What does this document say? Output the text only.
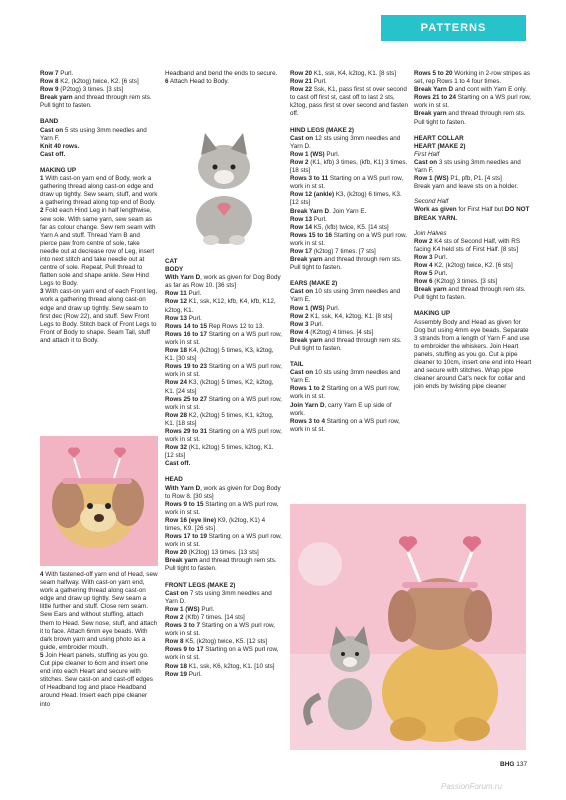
PATTERNS

Row 7 Purl.

Row 8 K2, (k2tog) twice, K2. [6 sts]

Row 9 (P2tog) 3 times. [3 sts]

Break yarn and thread through rem sts. Pull tight to fasten.

BAND

Cast on 5 sts using 3mm needles and Yarn F.

Knit 40 rows.

Cast off.

MAKING UP

1 With cast-on yarn end of Body, work a gathering thread along cast-on edge and draw up tightly. Sew seam, stuff, and work a gathering thread along top end of Body.

2 Fold each Hind Leg in half lengthwise, sew sole. With same yarn, sew seam as far as colour change. Sew rem seam with Yarn A and stuff. Thread Yarn B and pierce paw from centre of sole, take needle out at decrease row of Leg, insert into next stitch and take needle out at centre of sole. Repeat. Pull thread to flatten sole and shape ankle. Sew Hind Legs to Body.

3 With cast-on yarn end of each Front leg, work a gathering thread along cast-on edge and draw up tightly. Sew seam to first dec (Row 22), and stuff. Sew Front Legs to Body. Stitch back of Front Legs to Front of Body to shape. Seam Tail, stuff and attach it to Body.

4 With fastened-off yarn end of Head, sew seam halfway. With cast-on yarn end, work a gathering thread along cast-on edge and draw up tightly. Sew seam a little further and stuff. Close rem seam. Sew Ears and without stuffing, attach them to Head. Sew nose, stuff, and attach it to face. Attach 6mm eye beads. With dark brown yarn and using photo as a guide, embroider mouth.

5 Join Heart panels, stuffing as you go. Cut pipe cleaner to 6cm and insert one end into each Heart and secure with stitches. Sew cast-on and cast-off edges of Headband tog and place Headband around Head. Insert each pipe cleaner into

Headband and bend the ends to secure.

6 Attach Head to Body.

CAT

BODY

With Yarn D, work as given for Dog Body as far as Row 10. [36 sts]

Row 11 Purl.

Row 12 K1, ssk, K12, kfb, K4, kfb, K12, k2tog, K1.

Row 13 Purl.

Rows 14 to 15 Rep Rows 12 to 13.

Rows 16 to 17 Starting on a WS purl row, work in st st.

Row 18 K4, (k2tog) 5 times, K3, k2tog, K1. [30 sts]

Rows 19 to 23 Starting on a WS purl row, work in st st.

Row 24 K3, (k2tog) 5 times, K2, k2tog, K1. [24 sts]

Rows 25 to 27 Starting on a WS purl row, work in st st.

Row 28 K2, (k2tog) 5 times, K1, k2tog, K1. [18 sts]

Rows 29 to 31 Starting on a WS purl row, work in st st.

Row 32 (K1, k2tog) 5 times, k2tog, K1. [12 sts]

Cast off.

HEAD

With Yarn D, work as given for Dog Body to Row 8. [30 sts]

Rows 9 to 15 Starting on a WS purl row, work in st st.

Row 16 (eye line) K9, (k2tog, K1) 4 times, K9. [26 sts]

Rows 17 to 19 Starting on a WS purl row, work in st st.

Row 20 (K2tog) 13 times. [13 sts]

Break yarn and thread through rem sts. Pull tight to fasten.

FRONT LEGS (MAKE 2)

Cast on 7 sts using 3mm needles and Yarn D.

Row 1 (WS) Purl.

Row 2 (Kfb) 7 times. [14 sts]

Rows 3 to 7 Starting on a WS purl row, work in st st.

Row 8 K5, (k2tog) twice, K5. [12 sts]

Rows 9 to 17 Starting on a WS purl row, work in st st.

Row 18 K1, ssk, K6, k2tog, K1. [10 sts]

Row 19 Purl.

Row 20 K1, ssk, K4, k2tog, K1. [8 sts]

Row 21 Purl.

Row 22 Ssk, K1, pass first st over second to cast off first st, cast off to last 2 sts, k2tog, pass first st over second and fasten off.

HIND LEGS (MAKE 2)

Cast on 12 sts using 3mm needles and Yarn D.

Row 1 (WS) Purl.

Row 2 (K1, kfb) 3 times, (kfb, K1) 3 times. [18 sts]

Rows 3 to 11 Starting on a WS purl row, work in st st.

Row 12 (ankle) K3, (k2tog) 6 times, K3. [12 sts]

Break Yarn D. Join Yarn E.

Row 13 Purl.

Row 14 K5, (kfb) twice, K5. [14 sts]

Rows 15 to 16 Starting on a WS purl row, work in st st.

Row 17 (k2tog) 7 times. [7 sts]

Break yarn and thread through rem sts. Pull tight to fasten.

EARS (MAKE 2)

Cast on 10 sts using 3mm needles and Yarn E.

Row 1 (WS) Purl.

Row 2 K1, ssk, K4, k2tog, K1. [8 sts]

Row 3 Purl.

Row 4 (K2tog) 4 times. [4 sts]

Break yarn and thread through rem sts. Pull tight to fasten.

TAIL

Cast on 10 sts using 3mm needles and Yarn E.

Rows 1 to 2 Starting on a WS purl row, work in st st.

Join Yarn D, carry Yarn E up side of work.

Rows 3 to 4 Starting on a WS purl row, work in st st.

Rows 5 to 20 Working in 2-row stripes as set, rep Rows 1 to 4 four times.

Break Yarn D and cont with Yarn E only.

Rows 21 to 24 Starting on a WS purl row, work in st st.

Break yarn and thread through rem sts. Pull tight to fasten.

HEART COLLAR

HEART (MAKE 2)

First Half

Cast on 3 sts using 3mm needles and Yarn F.

Row 1 (WS) P1, pfb, P1. [4 sts]

Break yarn and leave sts on a holder.

Second Half

Work as given for First Half but DO NOT BREAK YARN.

Join Halves

Row 2 K4 sts of Second Half, with RS facing K4 held sts of First Half. [8 sts]

Row 3 Purl.

Row 4 K2, (k2tog) twice, K2. [6 sts]

Row 5 Purl.

Row 6 (K2tog) 3 times. [3 sts]

Break yarn and thread through rem sts. Pull tight to fasten.

MAKING UP

Assembly Body and Head as given for Dog but using 4mm eye beads. Separate 3 strands from a length of Yarn F and use to embroider the whiskers. Join Heart panels, stuffing as you go. Cut a pipe cleaner to 10cm, insert one end into Heart and secure with stitches. Wrap pipe cleaner around Cat's neck for collar and join ends by twisting pipe cleaner

BHG 137
PassionForum.ru
